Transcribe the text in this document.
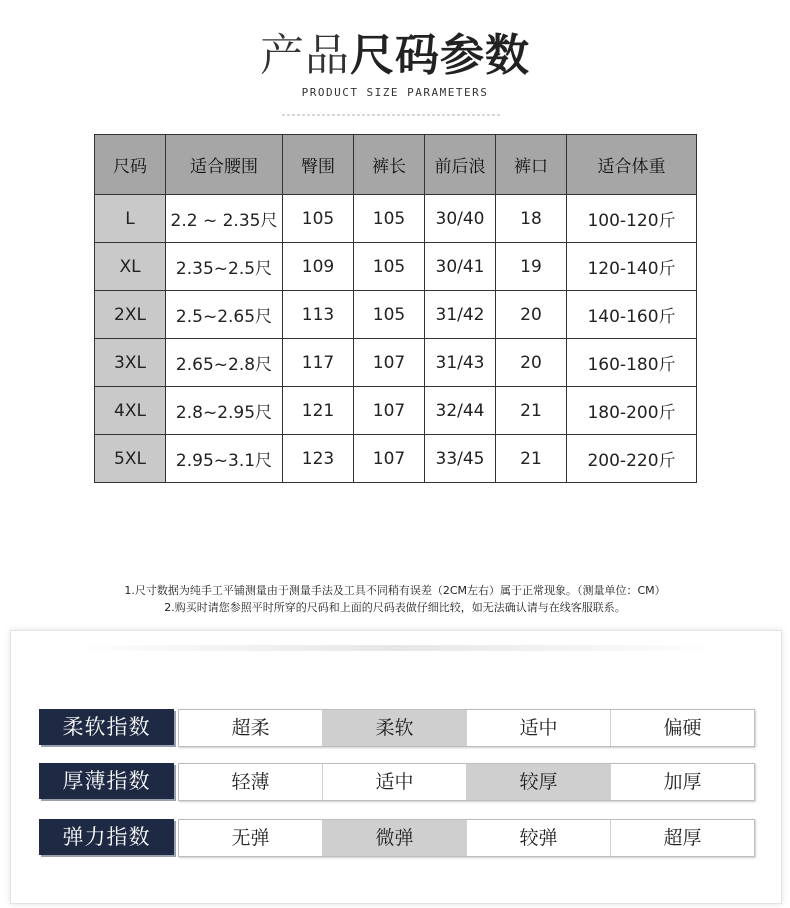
产品尺码参数
PRODUCT SIZE PARAMETERS
尺码	适合腰围	臀围	裤长	前后浪	裤口	适合体重
L	2.2 ~ 2.35尺	105	105	30/40	18	100-120斤
XL	2.35~2.5尺	109	105	30/41	19	120-140斤
2XL	2.5~2.65尺	113	105	31/42	20	140-160斤
3XL	2.65~2.8尺	117	107	31/43	20	160-180斤
4XL	2.8~2.95尺	121	107	32/44	21	180-200斤
5XL	2.95~3.1尺	123	107	33/45	21	200-220斤
1.尺寸数据为纯手工平铺测量由于测量手法及工具不同稍有误差（2CM左右）属于正常现象。（测量单位：CM）
2.购买时请您参照平时所穿的尺码和上面的尺码表做仔细比较，如无法确认请与在线客服联系。
柔软指数	超柔	柔软	适中	偏硬
厚薄指数	轻薄	适中	较厚	加厚
弹力指数	无弹	微弹	较弹	超厚
